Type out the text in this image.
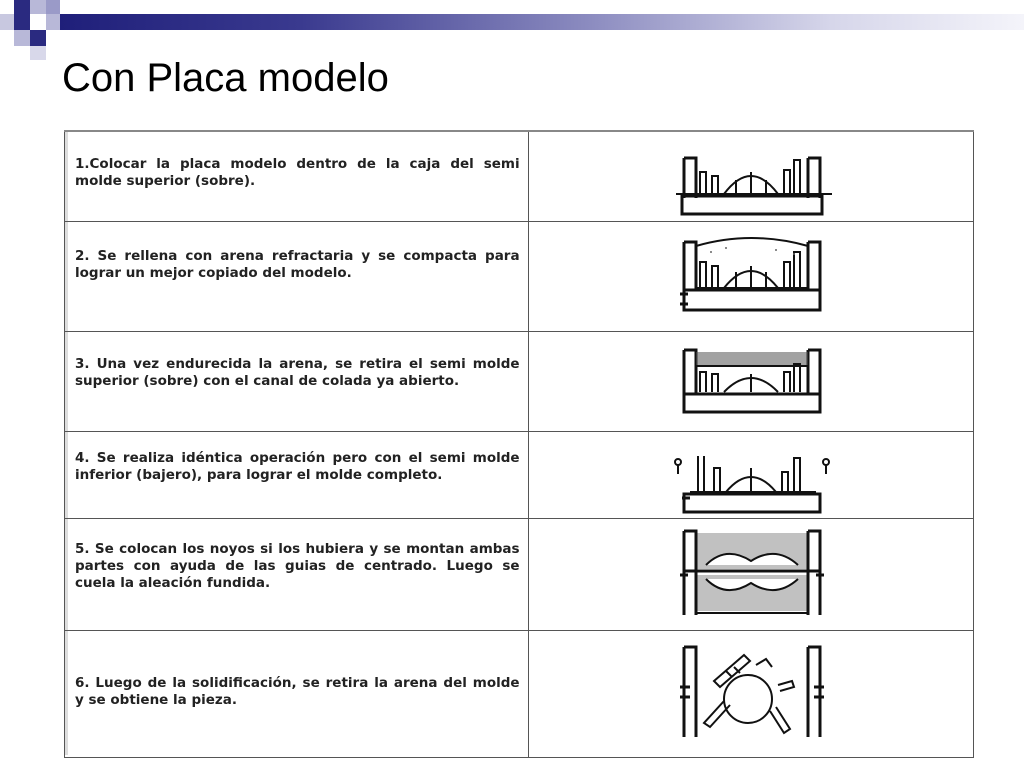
Con Placa modelo
1.Colocar la placa modelo dentro de la caja del semi molde superior (sobre).

2. Se rellena con arena refractaria y se compacta para lograr un mejor copiado del modelo.

3. Una vez endurecida la arena, se retira el semi molde superior (sobre) con el canal de colada ya abierto.

4. Se realiza idéntica operación pero con el semi molde inferior (bajero), para lograr el molde completo.

5. Se colocan los noyos si los hubiera y se montan ambas partes con ayuda de las guias de centrado. Luego se cuela la aleación fundida.

6. Luego de la solidificación, se retira la arena del molde y se obtiene la pieza.
